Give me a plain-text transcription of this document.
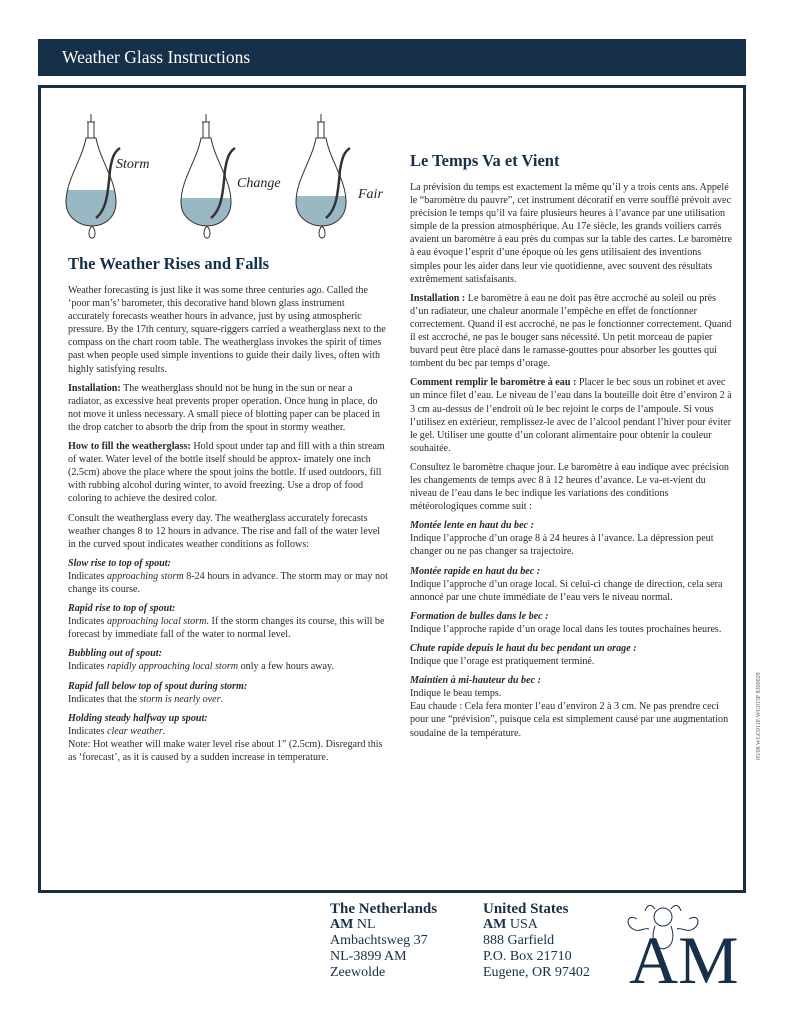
Weather Glass Instructions
Storm
Change
Fair
The Weather Rises and Falls

Weather forecasting is just like it was some three centuries ago. Called the ‘poor man’s’ barometer, this decorative hand blown glass instrument accurately forecasts weather hours in advance, just by using atmospheric pressure. By the 17th century, square-riggers carried a weatherglass next to the compass on the chart room table. The weatherglass invokes the spirit of times past when people used simple inventions to guide their daily lives, often with highly satisfying results.

Installation: The weatherglass should not be hung in the sun or near a radiator, as excessive heat prevents proper operation. Once hung in place, do not move it unless necessary. A small piece of blotting paper can be placed in the drop catcher to absorb the drip from the spout in stormy weather.

How to fill the weatherglass: Hold spout under tap and fill with a thin stream of water. Water level of the bottle itself should be approx- imately one inch (2.5cm) above the place where the spout joins the bottle. If used outdoors, fill with rubbing alcohol during winter, to avoid freezing. Use a drop of food coloring to achieve the desired color.

Consult the weatherglass every day. The weatherglass accurately forecasts weather changes 8 to 12 hours in advance. The rise and fall of the water level in the curved spout indicates weather conditions as follows:

Slow rise to top of spout:

Indicates approaching storm 8-24 hours in advance. The storm may or may not change its course.

Rapid rise to top of spout:

Indicates approaching local storm. If the storm changes its course, this will be forecast by immediate fall of the water to normal level.

Bubbling out of spout:

Indicates rapidly approaching local storm only a few hours away.

Rapid fall below top of spout during storm:

Indicates that the storm is nearly over.

Holding steady halfway up spout:

Indicates clear weather.

Note: Hot weather will make water level rise about 1” (2.5cm). Disregard this as ‘forecast’, as it is caused by a sudden increase in temperature.

Le Temps Va et Vient

La prévision du temps est exactement la même qu’il y a trois cents ans. Appelé le “baromètre du pauvre”, cet instrument décoratif en verre soufflé prévoit avec précision le temps qu’il va faire plusieurs heures à l’avance par une utilisation simple de la pression atmosphérique. Au 17e siècle, les grands voiliers carrés avaient un baromètre à eau près du compas sur la table des cartes. Le baromètre à eau évoque l’esprit d’une époque où les gens utilisaient des inventions simples pour les aider dans leur vie quotidienne, avec souvent des résultats extrêmement satisfaisants.

Installation : Le baromètre à eau ne doit pas être accroché au soleil ou près d’un radiateur, une chaleur anormale l’empêche en effet de fonctionner correctement. Quand il est accroché, ne pas le fonctionner correctement. Quand il est accroché, ne pas le bouger sans nécessité. Un petit morceau de papier buvard peut être placé dans le ramasse-gouttes pour absorber les gouttes qui tombent du bec par temps d’orage.

Comment remplir le baromètre à eau : Placer le bec sous un robinet et avec un mince filet d’eau. Le niveau de l’eau dans la bouteille doit être d’environ 2 à 3 cm au-dessus de l’endroit où le bec rejoint le corps de l’ampoule. Si vous l’utilisez en extérieur, remplissez-le avec de l’alcool pendant l’hiver pour éviter le gel. Utiliser une goutte d’un colorant alimentaire pour obtenir la couleur souhaitée.

Consultez le baromètre chaque jour. Le baromètre à eau indique avec précision les changements de temps avec 8 à 12 heures d’avance. Le va-et-vient du niveau de l’eau dans le bec indique les variations des conditions météorologiques comme suit :

Montée lente en haut du bec :

Indique l’approche d’un orage 8 à 24 heures à l’avance. La dépression peut changer ou ne pas changer sa trajectoire.

Montée rapide en haut du bec :

Indique l’approche d’un orage local. Si celui-ci change de direction, cela sera annoncé par une chute immédiate de l’eau vers le niveau normal.

Formation de bulles dans le bec :

Indique l’approche rapide d’un orage local dans les toutes prochaines heures.

Chute rapide depuis le haut du bec pendant un orage :

Indique que l’orage est pratiquement terminé.

Maintien à mi-hauteur du bec :

Indique le beau temps.

Eau chaude : Cela fera monter l’eau d’environ 2 à 3 cm. Ne pas prendre ceci pour une “prévision”, puisque cela est simplement causé par une augmentation soudaine de la température.	05/08 WGC011F/WG015F 8300029
The Netherlands
AM NL
Ambachtsweg 37
NL-3899 AM
Zeewolde
United States
AM USA
888 Garfield
P.O. Box 21710
Eugene, OR 97402 AM
